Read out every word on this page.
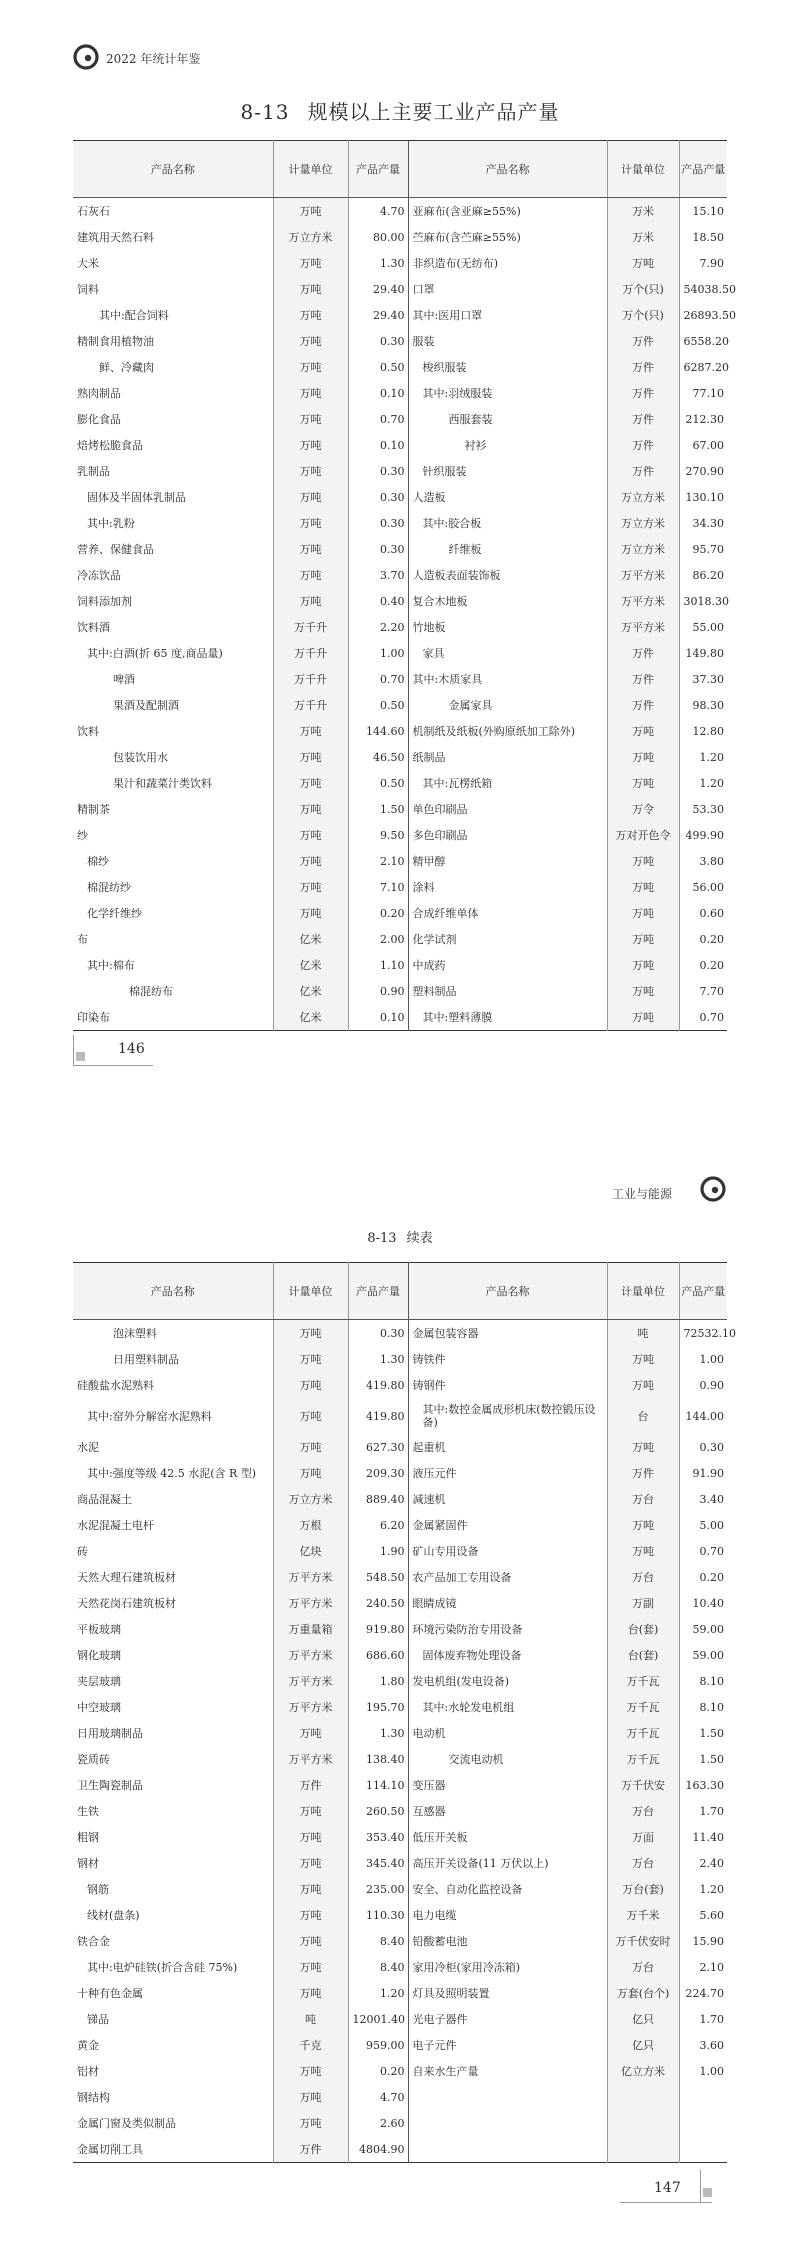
2022 年统计年鉴
8-13 规模以上主要工业产品产量
产品名称	计量单位	产品产量	产品名称	计量单位	产品产量
石灰石	万吨	4.70	亚麻布(含亚麻≥55%)	万米	15.10
建筑用天然石料	万立方米	80.00	苎麻布(含苎麻≥55%)	万米	18.50
大米	万吨	1.30	非织造布(无纺布)	万吨	7.90
饲料	万吨	29.40	口罩	万个(只)	54038.50
其中:配合饲料	万吨	29.40	其中:医用口罩	万个(只)	26893.50
精制食用植物油	万吨	0.30	服装	万件	6558.20
鲜、冷藏肉	万吨	0.50	梭织服装	万件	6287.20
熟肉制品	万吨	0.10	其中:羽绒服装	万件	77.10
膨化食品	万吨	0.70	西服套装	万件	212.30
焙烤松脆食品	万吨	0.10	衬衫	万件	67.00
乳制品	万吨	0.30	针织服装	万件	270.90
固体及半固体乳制品	万吨	0.30	人造板	万立方米	130.10
其中:乳粉	万吨	0.30	其中:胶合板	万立方米	34.30
营养、保健食品	万吨	0.30	纤维板	万立方米	95.70
冷冻饮品	万吨	3.70	人造板表面装饰板	万平方米	86.20
饲料添加剂	万吨	0.40	复合木地板	万平方米	3018.30
饮料酒	万千升	2.20	竹地板	万平方米	55.00
其中:白酒(折 65 度,商品量)	万千升	1.00	家具	万件	149.80
啤酒	万千升	0.70	其中:木质家具	万件	37.30
果酒及配制酒	万千升	0.50	金属家具	万件	98.30
饮料	万吨	144.60	机制纸及纸板(外购原纸加工除外)	万吨	12.80
包装饮用水	万吨	46.50	纸制品	万吨	1.20
果汁和蔬菜汁类饮料	万吨	0.50	其中:瓦楞纸箱	万吨	1.20
精制茶	万吨	1.50	单色印刷品	万令	53.30
纱	万吨	9.50	多色印刷品	万对开色令	499.90
棉纱	万吨	2.10	精甲醇	万吨	3.80
棉混纺纱	万吨	7.10	涂料	万吨	56.00
化学纤维纱	万吨	0.20	合成纤维单体	万吨	0.60
布	亿米	2.00	化学试剂	万吨	0.20
其中:棉布	亿米	1.10	中成药	万吨	0.20
棉混纺布	亿米	0.90	塑料制品	万吨	7.70
印染布	亿米	0.10	其中:塑料薄膜	万吨	0.70
146
工业与能源
8-13 续表
产品名称	计量单位	产品产量	产品名称	计量单位	产品产量
泡沫塑料	万吨	0.30	金属包装容器	吨	72532.10
日用塑料制品	万吨	1.30	铸铁件	万吨	1.00
硅酸盐水泥熟料	万吨	419.80	铸钢件	万吨	0.90
其中:窑外分解窑水泥熟料	万吨	419.80	其中:数控金属成形机床(数控锻压设备)	台	144.00
水泥	万吨	627.30	起重机	万吨	0.30
其中:强度等级 42.5 水泥(含 R 型)	万吨	209.30	液压元件	万件	91.90
商品混凝土	万立方米	889.40	减速机	万台	3.40
水泥混凝土电杆	万根	6.20	金属紧固件	万吨	5.00
砖	亿块	1.90	矿山专用设备	万吨	0.70
天然大理石建筑板材	万平方米	548.50	农产品加工专用设备	万台	0.20
天然花岗石建筑板材	万平方米	240.50	眼睛成镜	万副	10.40
平板玻璃	万重量箱	919.80	环境污染防治专用设备	台(套)	59.00
钢化玻璃	万平方米	686.60	固体废弃物处理设备	台(套)	59.00
夹层玻璃	万平方米	1.80	发电机组(发电设备)	万千瓦	8.10
中空玻璃	万平方米	195.70	其中:水轮发电机组	万千瓦	8.10
日用玻璃制品	万吨	1.30	电动机	万千瓦	1.50
瓷质砖	万平方米	138.40	交流电动机	万千瓦	1.50
卫生陶瓷制品	万件	114.10	变压器	万千伏安	163.30
生铁	万吨	260.50	互感器	万台	1.70
粗钢	万吨	353.40	低压开关板	万面	11.40
钢材	万吨	345.40	高压开关设备(11 万伏以上)	万台	2.40
钢筋	万吨	235.00	安全、自动化监控设备	万台(套)	1.20
线材(盘条)	万吨	110.30	电力电缆	万千米	5.60
铁合金	万吨	8.40	铅酸蓄电池	万千伏安时	15.90
其中:电炉硅铁(折合含硅 75%)	万吨	8.40	家用冷柜(家用冷冻箱)	万台	2.10
十种有色金属	万吨	1.20	灯具及照明装置	万套(台个)	224.70
锑品	吨	12001.40	光电子器件	亿只	1.70
黄金	千克	959.00	电子元件	亿只	3.60
铝材	万吨	0.20	自来水生产量	亿立方米	1.00
钢结构	万吨	4.70			
金属门窗及类似制品	万吨	2.60			
金属切削工具	万件	4804.90			
147
